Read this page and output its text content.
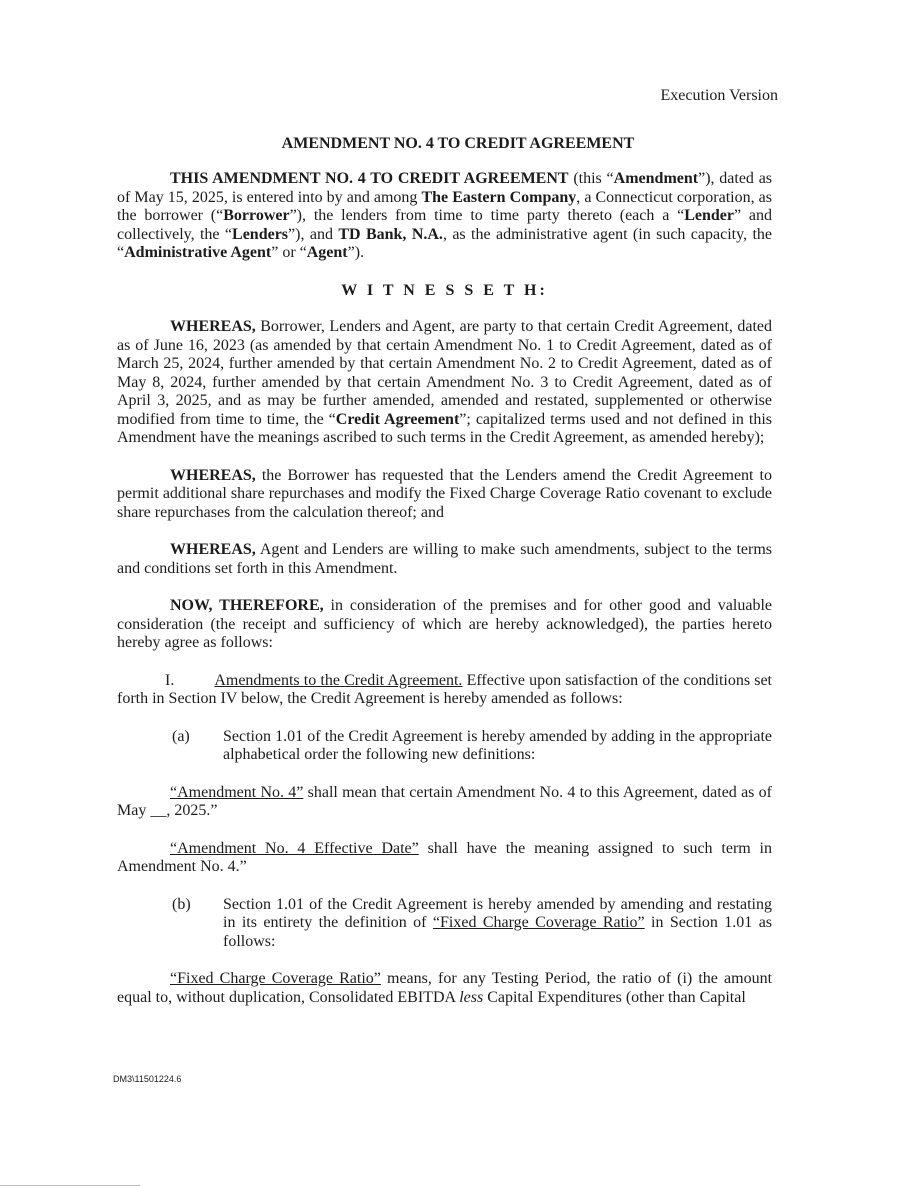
Execution Version
AMENDMENT NO. 4 TO CREDIT AGREEMENT

THIS AMENDMENT NO. 4 TO CREDIT AGREEMENT (this “Amendment”), dated as of May 15, 2025, is entered into by and among The Eastern Company, a Connecticut corporation, as the borrower (“Borrower”), the lenders from time to time party thereto (each a “Lender” and collectively, the “Lenders”), and TD Bank, N.A., as the administrative agent (in such capacity, the “Administrative Agent” or “Agent”).

W I T N E S S E T H:

WHEREAS, Borrower, Lenders and Agent, are party to that certain Credit Agreement, dated as of June 16, 2023 (as amended by that certain Amendment No. 1 to Credit Agreement, dated as of March 25, 2024, further amended by that certain Amendment No. 2 to Credit Agreement, dated as of May 8, 2024, further amended by that certain Amendment No. 3 to Credit Agreement, dated as of April 3, 2025, and as may be further amended, amended and restated, supplemented or otherwise modified from time to time, the “Credit Agreement”; capitalized terms used and not defined in this Amendment have the meanings ascribed to such terms in the Credit Agreement, as amended hereby);

WHEREAS, the Borrower has requested that the Lenders amend the Credit Agreement to permit additional share repurchases and modify the Fixed Charge Coverage Ratio covenant to exclude share repurchases from the calculation thereof; and

WHEREAS, Agent and Lenders are willing to make such amendments, subject to the terms and conditions set forth in this Amendment.

NOW, THEREFORE, in consideration of the premises and for other good and valuable consideration (the receipt and sufficiency of which are hereby acknowledged), the parties hereto hereby agree as follows:

I.	Amendments to the Credit Agreement. Effective upon satisfaction of the conditions set forth in Section IV below, the Credit Agreement is hereby amended as follows:

(a)	Section 1.01 of the Credit Agreement is hereby amended by adding in the appropriate alphabetical order the following new definitions:

“Amendment No. 4” shall mean that certain Amendment No. 4 to this Agreement, dated as of May __, 2025.”

“Amendment No. 4 Effective Date” shall have the meaning assigned to such term in Amendment No. 4.”

(b)	Section 1.01 of the Credit Agreement is hereby amended by amending and restating in its entirety the definition of “Fixed Charge Coverage Ratio” in Section 1.01 as follows:

“Fixed Charge Coverage Ratio” means, for any Testing Period, the ratio of (i) the amount equal to, without duplication, Consolidated EBITDA less Capital Expenditures (other than Capital

DM3\11501224.6
